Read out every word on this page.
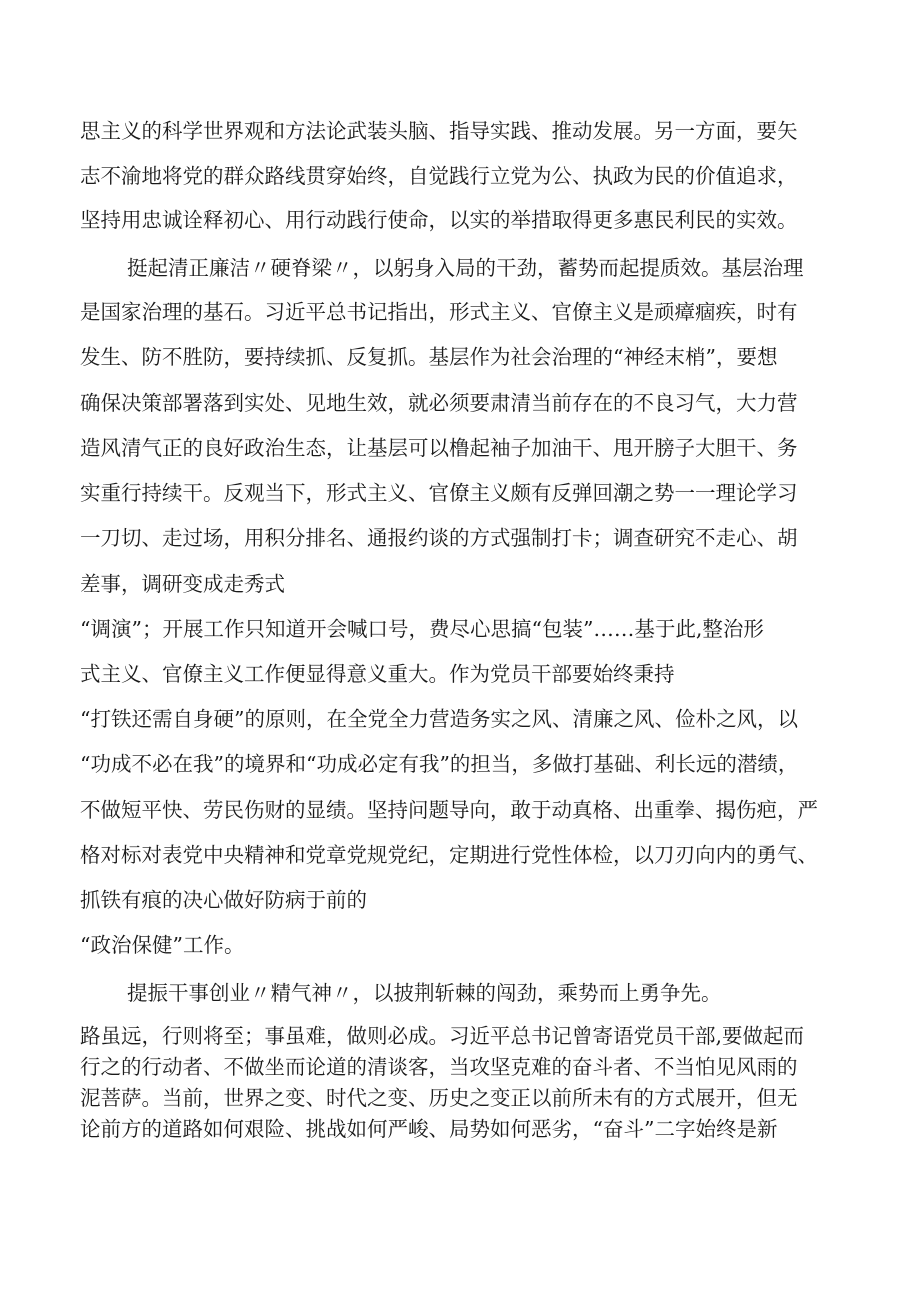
思主义的科学世界观和方法论武装头脑、指导实践、推动发展。另一方面，要矢
志不渝地将党的群众路线贯穿始终，自觉践行立党为公、执政为民的价值追求，
坚持用忠诚诠释初心、用行动践行使命，以实的举措取得更多惠民利民的实效。
挺起清正廉洁〃硬脊梁〃，以躬身入局的干劲，蓄势而起提质效。基层治理
是国家治理的基石。习近平总书记指出，形式主义、官僚主义是顽瘴痼疾，时有
发生、防不胜防，要持续抓、反复抓。基层作为社会治理的“神经末梢”，要想
确保决策部署落到实处、见地生效，就必须要肃清当前存在的不良习气，大力营
造风清气正的良好政治生态，让基层可以橹起袖子加油干、甩开膀子大胆干、务
实重行持续干。反观当下，形式主义、官僚主义颇有反弹回潮之势一一理论学习
一刀切、走过场，用积分排名、通报约谈的方式强制打卡；调查研究不走心、胡
差事，调研变成走秀式
“调演”；开展工作只知道开会喊口号，费尽心思搞“包装”……基于此,整治形
式主义、官僚主义工作便显得意义重大。作为党员干部要始终秉持
“打铁还需自身硬”的原则，在全党全力营造务实之风、清廉之风、俭朴之风，以
“功成不必在我”的境界和“功成必定有我”的担当，多做打基础、利长远的潜绩，
不做短平快、劳民伤财的显绩。坚持问题导向，敢于动真格、出重拳、揭伤疤，严
格对标对表党中央精神和党章党规党纪，定期进行党性体检，以刀刃向内的勇气、
抓铁有痕的决心做好防病于前的
“政治保健”工作。
提振干事创业〃精气神〃，以披荆斩棘的闯劲，乘势而上勇争先。
路虽远，行则将至；事虽难，做则必成。习近平总书记曾寄语党员干部,要做起而
行之的行动者、不做坐而论道的清谈客，当攻坚克难的奋斗者、不当怕见风雨的
泥菩萨。当前，世界之变、时代之变、历史之变正以前所未有的方式展开，但无
论前方的道路如何艰险、挑战如何严峻、局势如何恶劣，“奋斗”二字始终是新
